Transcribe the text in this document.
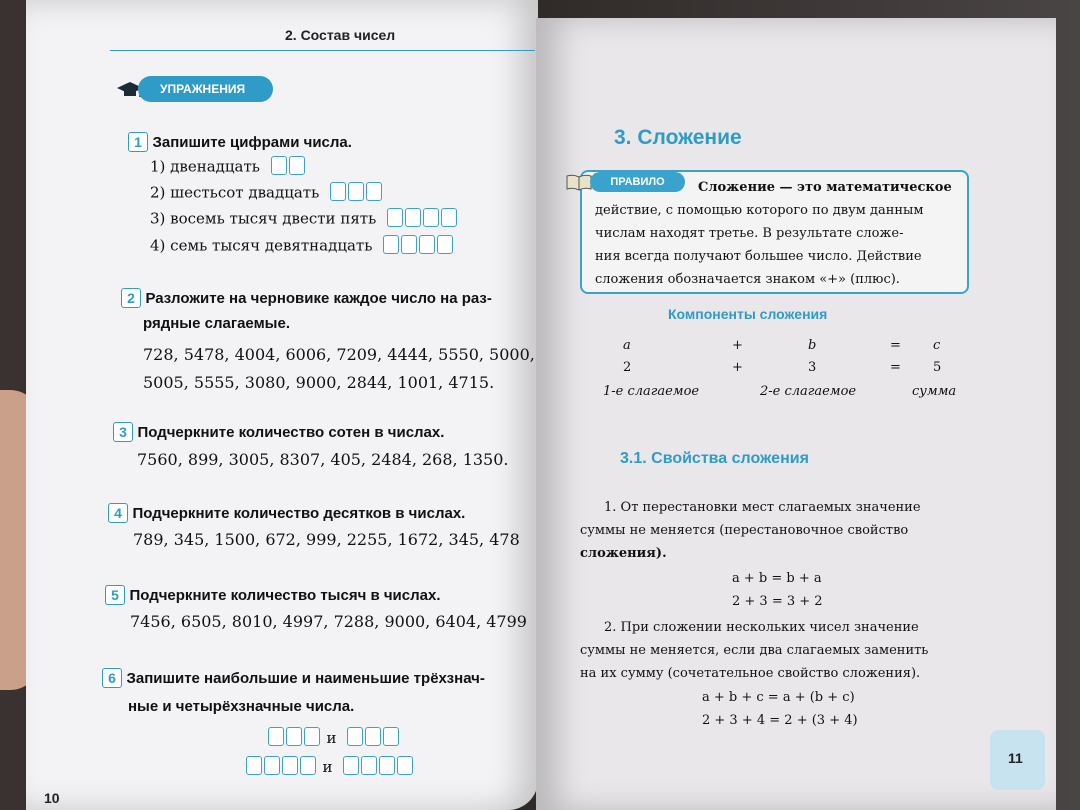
2. Состав чисел
УПРАЖНЕНИЯ
1 Запишите цифрами числа.
1) двенадцать
2) шестьсот двадцать
3) восемь тысяч двести пять
4) семь тысяч девятнадцать
2 Разложите на черновике каждое число на раз-
рядные слагаемые.
728, 5478, 4004, 6006, 7209, 4444, 5550, 5000,
5005, 5555, 3080, 9000, 2844, 1001, 4715.
3 Подчеркните количество сотен в числах.
7560, 899, 3005, 8307, 405, 2484, 268, 1350.
4 Подчеркните количество десятков в числах.
789, 345, 1500, 672, 999, 2255, 1672, 345, 478
5 Подчеркните количество тысяч в числах.
7456, 6505, 8010, 4997, 7288, 9000, 6404, 4799
6 Запишите наибольшие и наименьшие трёхзнач-
ные и четырёхзначные числа.
и
и
10
3. Сложение
ПРАВИЛО	Сложение — это математическое
действие, с помощью которого по двум данным
числам находят третье. В результате сложе-
ния всегда получают большее число. Действие
сложения обозначается знаком «+» (плюс).
Компоненты сложения
a	+	b	= c
2	+	3	= 5
1-е слагаемое	2-е слагаемое	сумма
3.1. Свойства сложения
1. От перестановки мест слагаемых значение
суммы не меняется (перестановочное свойство
сложения).
a + b = b + a
2 + 3 = 3 + 2
2. При сложении нескольких чисел значение
суммы не меняется, если два слагаемых заменить
на их сумму (сочетательное свойство сложения).
a + b + c = a + (b + c)
2 + 3 + 4 = 2 + (3 + 4)
11
